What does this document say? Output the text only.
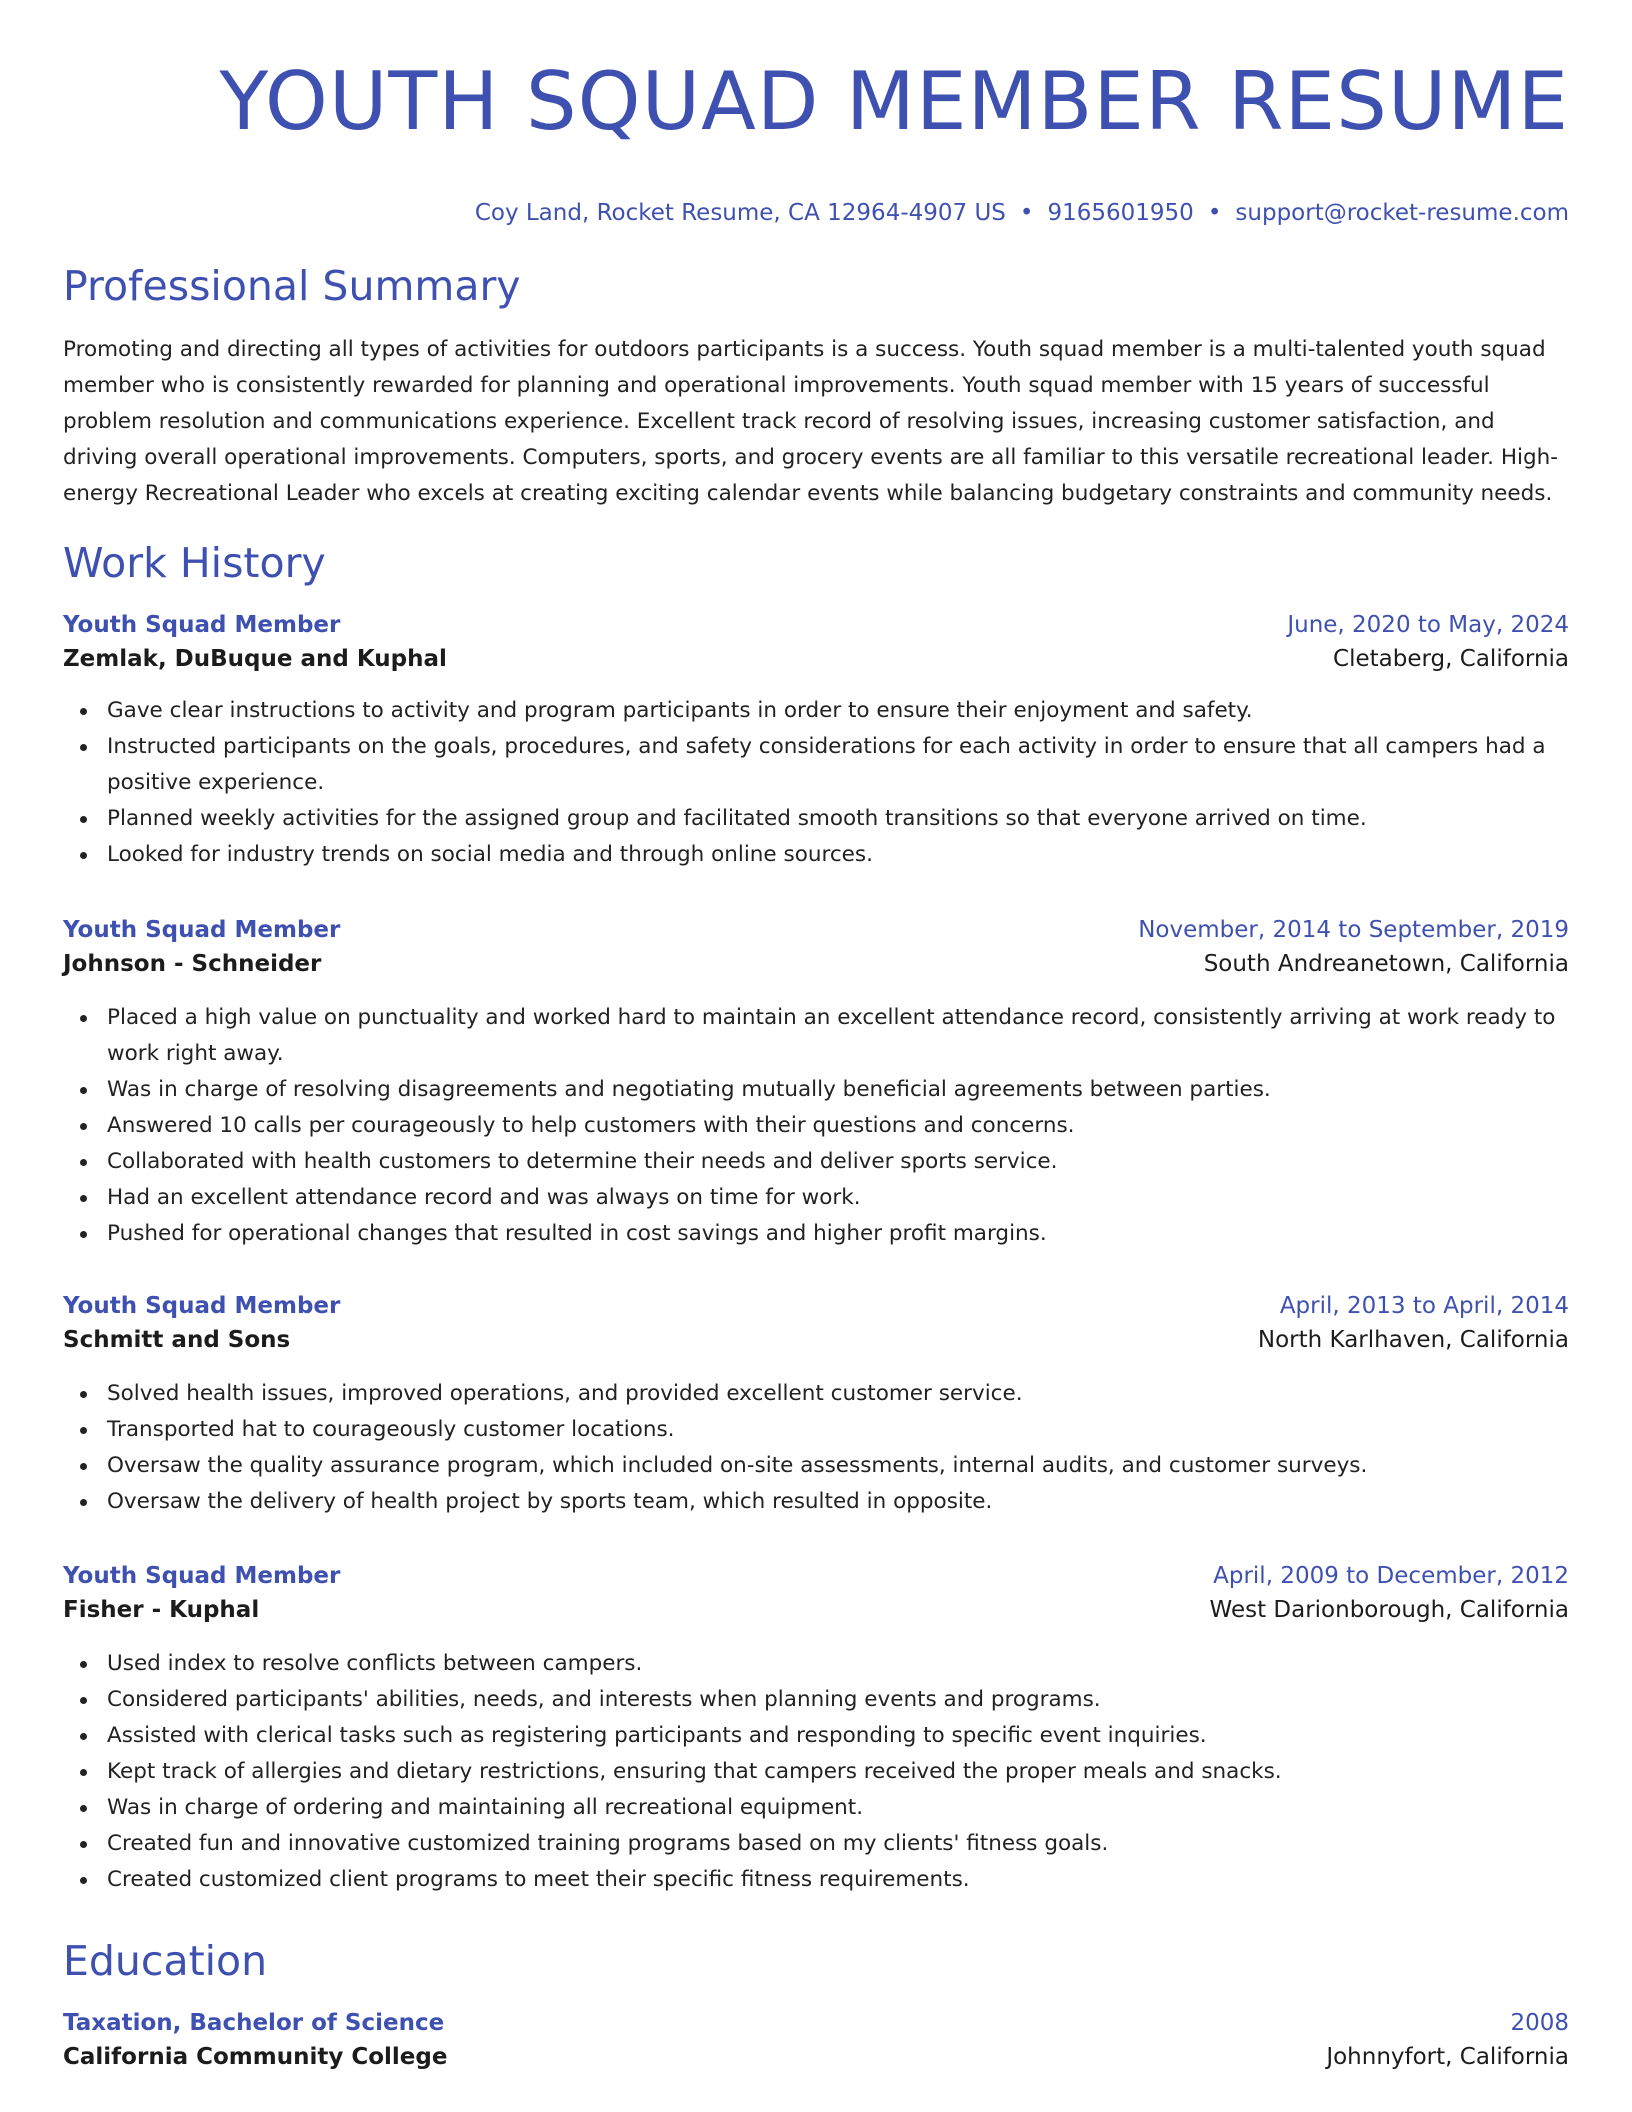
YOUTH SQUAD MEMBER RESUME
Coy Land, Rocket Resume, CA 12964-4907 US • 9165601950 • support@rocket-resume.com
Professional Summary

Promoting and directing all types of activities for outdoors participants is a success. Youth squad member is a multi-talented youth squad member who is consistently rewarded for planning and operational improvements. Youth squad member with 15 years of successful problem resolution and communications experience. Excellent track record of resolving issues, increasing customer satisfaction, and driving overall operational improvements. Computers, sports, and grocery events are all familiar to this versatile recreational leader. High-energy Recreational Leader who excels at creating exciting calendar events while balancing budgetary constraints and community needs.

Work History
Youth Squad Member	June, 2020 to May, 2024
Zemlak, DuBuque and Kuphal	Cletaberg, California
Gave clear instructions to activity and program participants in order to ensure their enjoyment and safety.
Instructed participants on the goals, procedures, and safety considerations for each activity in order to ensure that all campers had a positive experience.
Planned weekly activities for the assigned group and facilitated smooth transitions so that everyone arrived on time.
Looked for industry trends on social media and through online sources.
Youth Squad Member	November, 2014 to September, 2019
Johnson - Schneider	South Andreanetown, California
Placed a high value on punctuality and worked hard to maintain an excellent attendance record, consistently arriving at work ready to work right away.
Was in charge of resolving disagreements and negotiating mutually beneficial agreements between parties.
Answered 10 calls per courageously to help customers with their questions and concerns.
Collaborated with health customers to determine their needs and deliver sports service.
Had an excellent attendance record and was always on time for work.
Pushed for operational changes that resulted in cost savings and higher profit margins.
Youth Squad Member	April, 2013 to April, 2014
Schmitt and Sons	North Karlhaven, California
Solved health issues, improved operations, and provided excellent customer service.
Transported hat to courageously customer locations.
Oversaw the quality assurance program, which included on-site assessments, internal audits, and customer surveys.
Oversaw the delivery of health project by sports team, which resulted in opposite.
Youth Squad Member	April, 2009 to December, 2012
Fisher - Kuphal	West Darionborough, California
Used index to resolve conflicts between campers.
Considered participants' abilities, needs, and interests when planning events and programs.
Assisted with clerical tasks such as registering participants and responding to specific event inquiries.
Kept track of allergies and dietary restrictions, ensuring that campers received the proper meals and snacks.
Was in charge of ordering and maintaining all recreational equipment.
Created fun and innovative customized training programs based on my clients' fitness goals.
Created customized client programs to meet their specific fitness requirements.
Education
Taxation, Bachelor of Science	2008
California Community College	Johnnyfort, California
